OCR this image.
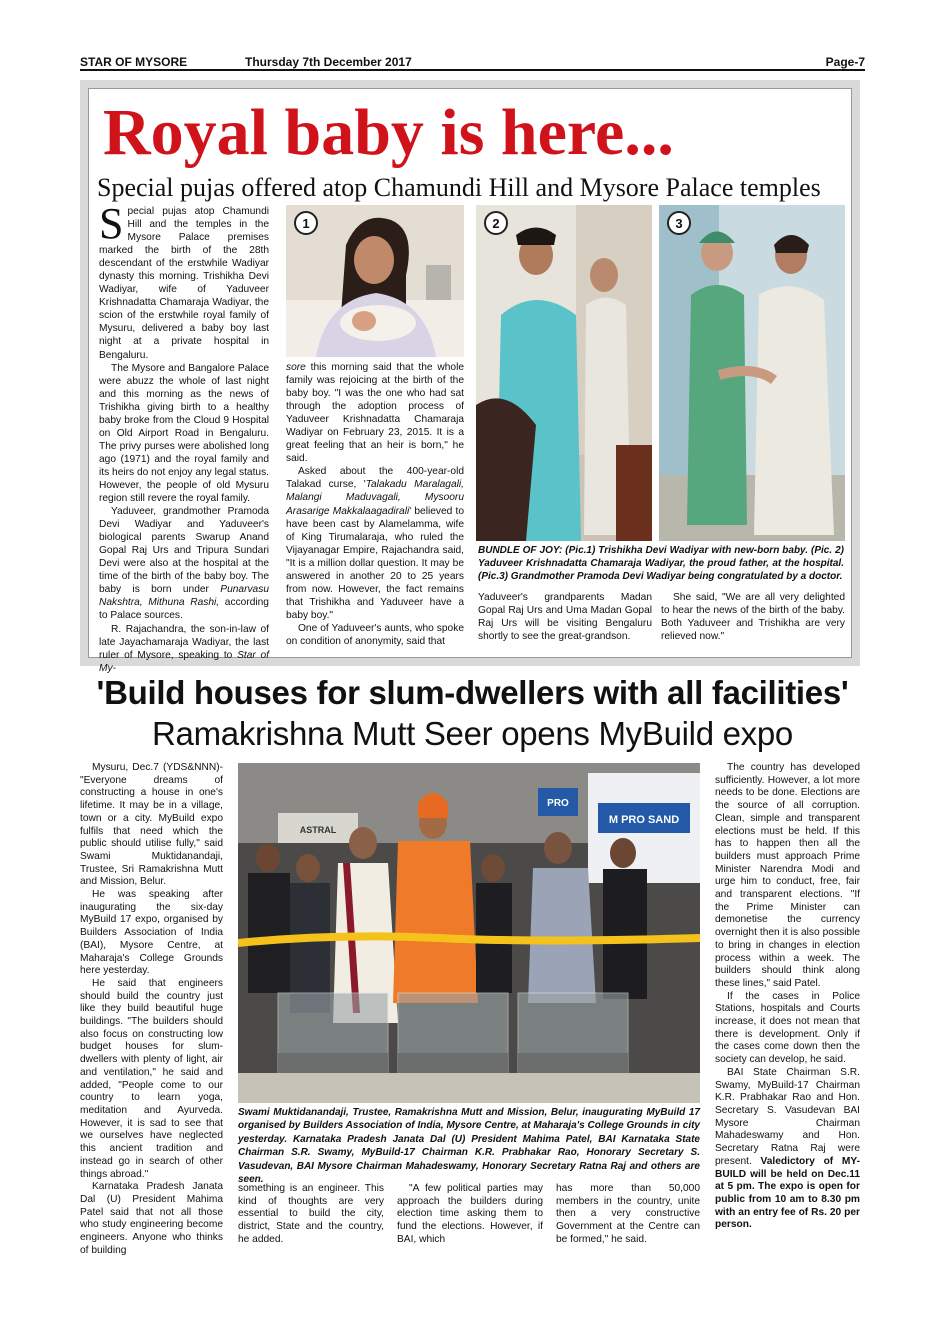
STAR OF MYSORE	Thursday 7th December 2017	Page-7
Royal baby is here...
Special pujas offered atop Chamundi Hill and Mysore Palace temples

Special pujas atop Chamundi Hill and the temples in the Mysore Palace premises marked the birth of the 28th descendant of the erstwhile Wadiyar dynasty this morning. Trishikha Devi Wadiyar, wife of Yaduveer Krishnadatta Chamaraja Wadiyar, the scion of the erstwhile royal family of Mysuru, delivered a baby boy last night at a private hospital in Bengaluru.

The Mysore and Bangalore Palace were abuzz the whole of last night and this morning as the news of Trishikha giving birth to a healthy baby broke from the Cloud 9 Hospital on Old Airport Road in Bengaluru. The privy purses were abolished long ago (1971) and the royal family and its heirs do not enjoy any legal status. However, the people of old Mysuru region still revere the royal family.

Yaduveer, grandmother Pramoda Devi Wadiyar and Yaduveer's biological parents Swarup Anand Gopal Raj Urs and Tripura Sundari Devi were also at the hospital at the time of the birth of the baby boy. The baby is born under Punarvasu Nakshtra, Mithuna Rashi, according to Palace sources.

R. Rajachandra, the son-in-law of late Jayachamaraja Wadiyar, the last ruler of Mysore, speaking to Star of My-

1

sore this morning said that the whole family was rejoicing at the birth of the baby boy. "I was the one who had sat through the adoption process of Yaduveer Krishnadatta Chamaraja Wadiyar on February 23, 2015. It is a great feeling that an heir is born," he said.

Asked about the 400-year-old Talakad curse, 'Talakadu Maralagali, Malangi Maduvagali, Mysooru Arasarige Makkalaagadirali' believed to have been cast by Alamelamma, wife of King Tirumalaraja, who ruled the Vijayanagar Empire, Rajachandra said, "It is a million dollar question. It may be answered in another 20 to 25 years from now. However, the fact remains that Trishikha and Yaduveer have a baby boy."

One of Yaduveer's aunts, who spoke on condition of anonymity, said that

2	3
BUNDLE OF JOY: (Pic.1) Trishikha Devi Wadiyar with new-born baby. (Pic. 2) Yaduveer Krishnadatta Chamaraja Wadiyar, the proud father, at the hospital. (Pic.3) Grandmother Pramoda Devi Wadiyar being congratulated by a doctor.

Yaduveer's grandparents Madan Gopal Raj Urs and Uma Madan Gopal Raj Urs will be visiting Bengaluru shortly to see the great-grandson.

She said, "We are all very delighted to hear the news of the birth of the baby. Both Yaduveer and Trishikha are very relieved now."

'Build houses for slum-dwellers with all facilities'
Ramakrishna Mutt Seer opens MyBuild expo

Mysuru, Dec.7 (YDS&NNN)- "Everyone dreams of constructing a house in one's lifetime. It may be in a village, town or a city. MyBuild expo fulfils that need which the public should utilise fully," said Swami Muktidanandaji, Trustee, Sri Ramakrishna Mutt and Mission, Belur.

He was speaking after inaugurating the six-day MyBuild 17 expo, organised by Builders Association of India (BAI), Mysore Centre, at Maharaja's College Grounds here yesterday.

He said that engineers should build the country just like they build beautiful huge buildings. "The builders should also focus on constructing low budget houses for slum-dwellers with plenty of light, air and ventilation," he said and added, "People come to our country to learn yoga, meditation and Ayurveda. However, it is sad to see that we ourselves have neglected this ancient tradition and instead go in search of other things abroad."

Karnataka Pradesh Janata Dal (U) President Mahima Patel said that not all those who study engineering become engineers. Anyone who thinks of building

M PRO SAND
ASTRAL
PRO
Swami Muktidanandaji, Trustee, Ramakrishna Mutt and Mission, Belur, inaugurating MyBuild 17 organised by Builders Association of India, Mysore Centre, at Maharaja's College Grounds in city yesterday. Karnataka Pradesh Janata Dal (U) President Mahima Patel, BAI Karnataka State Chairman S.R. Swamy, MyBuild-17 Chairman K.R. Prabhakar Rao, Honorary Secretary S. Vasudevan, BAI Mysore Chairman Mahadeswamy, Honorary Secretary Ratna Raj and others are seen.

something is an engineer. This kind of thoughts are very essential to build the city, district, State and the country, he added.

"A few political parties may approach the builders during election time asking them to fund the elections. However, if BAI, which

has more than 50,000 members in the country, unite then a very constructive Government at the Centre can be formed," he said.

The country has developed sufficiently. However, a lot more needs to be done. Elections are the source of all corruption. Clean, simple and transparent elections must be held. If this has to happen then all the builders must approach Prime Minister Narendra Modi and urge him to conduct, free, fair and transparent elections. "If the Prime Minister can demonetise the currency overnight then it is also possible to bring in changes in election process within a week. The builders should think along these lines," said Patel.

If the cases in Police Stations, hospitals and Courts increase, it does not mean that there is development. Only if the cases come down then the society can develop, he said.

BAI State Chairman S.R. Swamy, MyBuild-17 Chairman K.R. Prabhakar Rao and Hon. Secretary S. Vasudevan BAI Mysore Chairman Mahadeswamy and Hon. Secretary Ratna Raj were present. Valedictory of MY-BUILD will be held on Dec.11 at 5 pm. The expo is open for public from 10 am to 8.30 pm with an entry fee of Rs. 20 per person.
